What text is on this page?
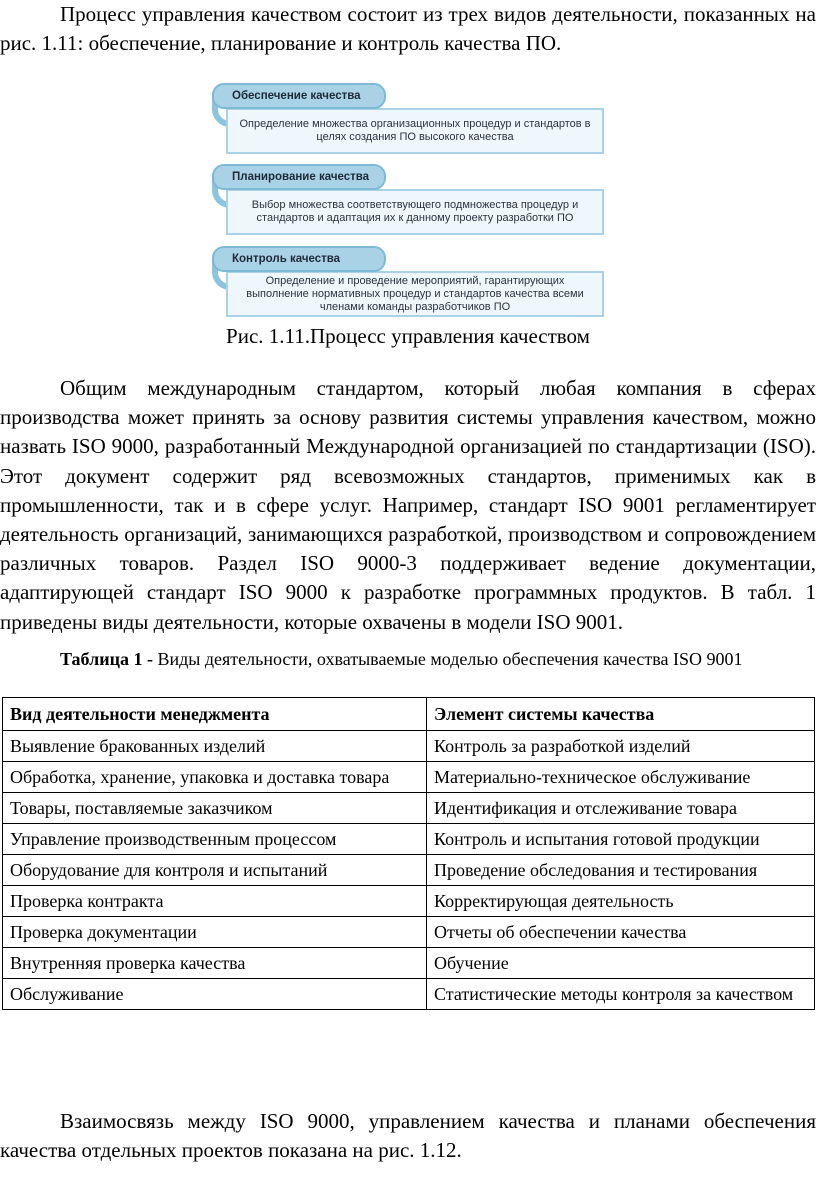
Процесс управления качеством состоит из трех видов деятельности, показанных на рис. 1.11: обеспечение, планирование и контроль качества ПО.

Определение множества организационных процедур и стандартов в целях создания ПО высокого качества
Обеспечение качества
Выбор множества соответствующего подмножества процедур и стандартов и адаптация их к данному проекту разработки ПО
Планирование качества
Определение и проведение мероприятий, гарантирующих выполнение нормативных процедур и стандартов качества всеми членами команды разработчиков ПО
Контроль качества
Рис. 1.11.Процесс управления качеством

Общим международным стандартом, который любая компания в сферах производства может принять за основу развития системы управления качеством, можно назвать ISO 9000, разработанный Международной организацией по стандартизации (ISO). Этот документ содержит ряд всевозможных стандартов, применимых как в промышленности, так и в сфере услуг. Например, стандарт ISO 9001 регламентирует деятельность организаций, занимающихся разработкой, производством и сопровождением различных товаров. Раздел ISO 9000-3 поддерживает ведение документации, адаптирующей стандарт ISO 9000 к разработке программных продуктов. В табл. 1 приведены виды деятельности, которые охвачены в модели ISO 9001.

Таблица 1 - Виды деятельности, охватываемые моделью обеспечения качества ISO 9001

Вид деятельности менеджмента	Элемент системы качества
Выявление бракованных изделий	Контроль за разработкой изделий
Обработка, хранение, упаковка и доставка товара	Материально-техническое обслуживание
Товары, поставляемые заказчиком	Идентификация и отслеживание товара
Управление производственным процессом	Контроль и испытания готовой продукции
Оборудование для контроля и испытаний	Проведение обследования и тестирования
Проверка контракта	Корректирующая деятельность
Проверка документации	Отчеты об обеспечении качества
Внутренняя проверка качества	Обучение
Обслуживание	Статистические методы контроля за качеством

Взаимосвязь между ISO 9000, управлением качества и планами обеспечения качества отдельных проектов показана на рис. 1.12.
